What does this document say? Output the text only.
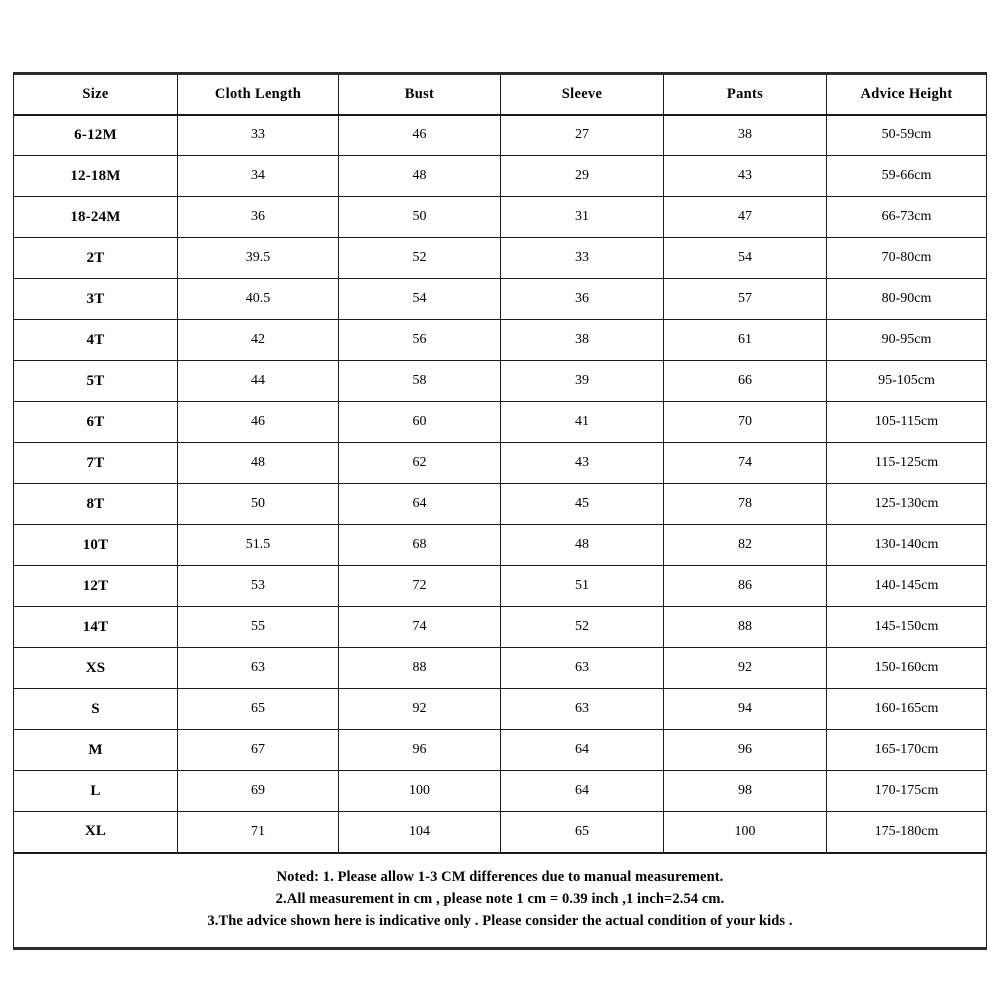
Size	Cloth Length	Bust	Sleeve	Pants	Advice Height
6-12M	33	46	27	38	50-59cm
12-18M	34	48	29	43	59-66cm
18-24M	36	50	31	47	66-73cm
2T	39.5	52	33	54	70-80cm
3T	40.5	54	36	57	80-90cm
4T	42	56	38	61	90-95cm
5T	44	58	39	66	95-105cm
6T	46	60	41	70	105-115cm
7T	48	62	43	74	115-125cm
8T	50	64	45	78	125-130cm
10T	51.5	68	48	82	130-140cm
12T	53	72	51	86	140-145cm
14T	55	74	52	88	145-150cm
XS	63	88	63	92	150-160cm
S	65	92	63	94	160-165cm
M	67	96	64	96	165-170cm
L	69	100	64	98	170-175cm
XL	71	104	65	100	175-180cm

Noted: 1. Please allow 1-3 CM differences due to manual measurement.
2.All measurement in cm , please note 1 cm = 0.39 inch ,1 inch=2.54 cm.
3.The advice shown here is indicative only . Please consider the actual condition of your kids .					
